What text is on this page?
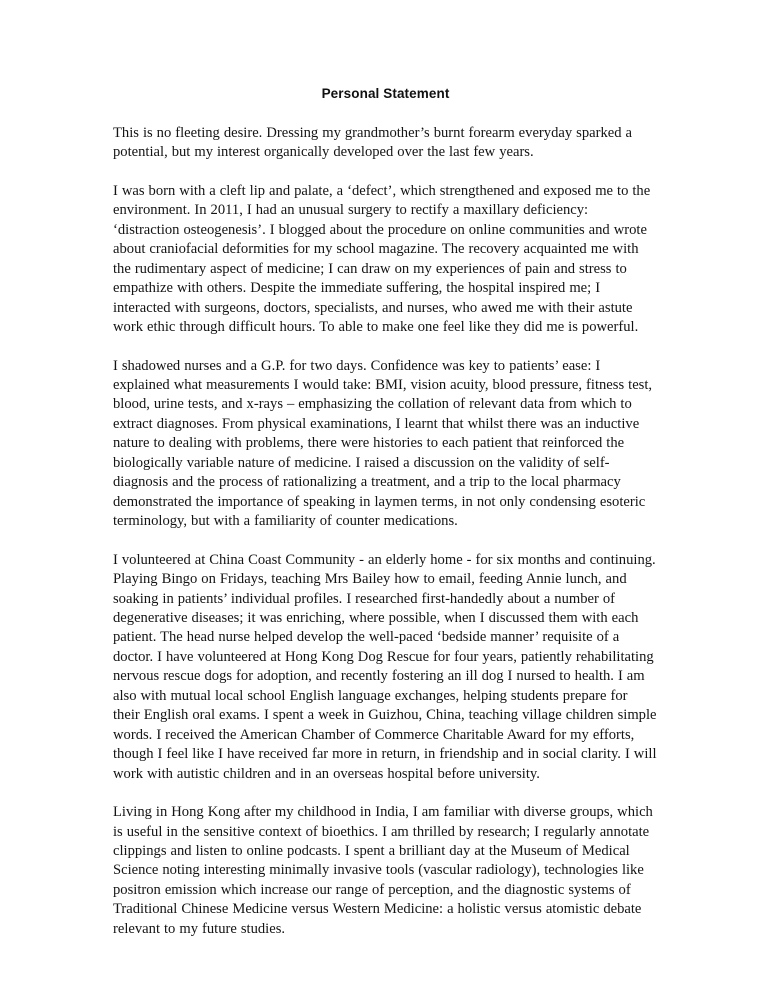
Personal Statement

This is no fleeting desire. Dressing my grandmother’s burnt forearm everyday sparked a potential, but my interest organically developed over the last few years.

I was born with a cleft lip and palate, a ‘defect’, which strengthened and exposed me to the environment. In 2011, I had an unusual surgery to rectify a maxillary deficiency: ‘distraction osteogenesis’. I blogged about the procedure on online communities and wrote about craniofacial deformities for my school magazine. The recovery acquainted me with the rudimentary aspect of medicine; I can draw on my experiences of pain and stress to empathize with others. Despite the immediate suffering, the hospital inspired me; I interacted with surgeons, doctors, specialists, and nurses, who awed me with their astute work ethic through difficult hours. To able to make one feel like they did me is powerful.

I shadowed nurses and a G.P. for two days. Confidence was key to patients’ ease: I explained what measurements I would take: BMI, vision acuity, blood pressure, fitness test, blood, urine tests, and x-rays – emphasizing the collation of relevant data from which to extract diagnoses. From physical examinations, I learnt that whilst there was an inductive nature to dealing with problems, there were histories to each patient that reinforced the biologically variable nature of medicine. I raised a discussion on the validity of self-diagnosis and the process of rationalizing a treatment, and a trip to the local pharmacy demonstrated the importance of speaking in laymen terms, in not only condensing esoteric terminology, but with a familiarity of counter medications.

I volunteered at China Coast Community - an elderly home - for six months and continuing. Playing Bingo on Fridays, teaching Mrs Bailey how to email, feeding Annie lunch, and soaking in patients’ individual profiles. I researched first-handedly about a number of degenerative diseases; it was enriching, where possible, when I discussed them with each patient. The head nurse helped develop the well-paced ‘bedside manner’ requisite of a doctor. I have volunteered at Hong Kong Dog Rescue for four years, patiently rehabilitating nervous rescue dogs for adoption, and recently fostering an ill dog I nursed to health. I am also with mutual local school English language exchanges, helping students prepare for their English oral exams. I spent a week in Guizhou, China, teaching village children simple words. I received the American Chamber of Commerce Charitable Award for my efforts, though I feel like I have received far more in return, in friendship and in social clarity. I will work with autistic children and in an overseas hospital before university.

Living in Hong Kong after my childhood in India, I am familiar with diverse groups, which is useful in the sensitive context of bioethics. I am thrilled by research; I regularly annotate clippings and listen to online podcasts. I spent a brilliant day at the Museum of Medical Science noting interesting minimally invasive tools (vascular radiology), technologies like positron emission which increase our range of perception, and the diagnostic systems of Traditional Chinese Medicine versus Western Medicine: a holistic versus atomistic debate relevant to my future studies.
